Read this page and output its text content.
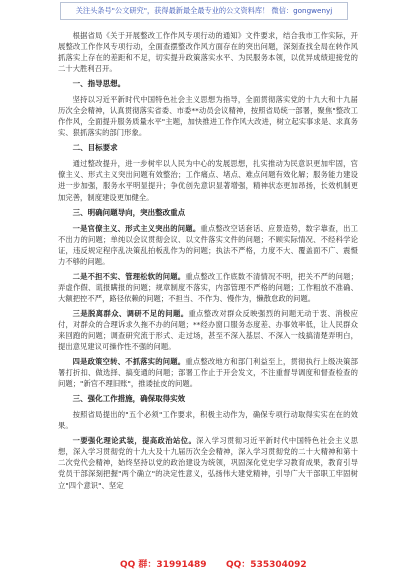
关注头条号"公文研究"，获得最新最全最专业的公文资料库！ 微信：gongwenyj

根据省局《关于开展整改工作作风专项行动的通知》文件要求，结合我市工作实际，开展整改工作作风专项行动，全面查摆整改作风方面存在的突出问题，深刻查找全局在转作风抓落实上存在的差距和不足，切实提升政策落实水平、为民服务本领，以优异成绩迎接党的二十大胜利召开。

一、指导思想。

坚持以习近平新时代中国特色社会主义思想为指导，全面贯彻落实党的十九大和十九届历次全会精神，认真贯彻落实省委、市委**动员会议精神，按照省局统一部署，聚焦"整改工作作风，全面提升服务质量水平"主题，加快推进工作作风大改进，树立起实事求是、求真务实、狠抓落实的部门形象。

二、目标要求

通过整改提升，进一步树牢以人民为中心的发展思想，扎实推动为民意识更加牢固，官僚主义、形式主义突出问题有效整治；工作痛点、堵点、难点问题有效化解；服务能力建设进一步加强，服务水平明显提升；争优创先意识显著增强，精神状态更加昂扬，长效机制更加完善，制度建设更加健全。

三、明确问题导向，突出整改重点

一是官僚主义、形式主义突出的问题。重点整改空话套话、应景造势，数字靠查，出工不出力的问题；单纯以会议贯彻会议、以文件落实文件的问题；不顾实际情况、不经科学论证，违反规定程序乱决策乱拍板乱作为的问题；执法不严格，力度不大、覆盖面不广、震慑力不够的问题。

二是不担不实、管理松软的问题。重点整改工作底数不清情况不明，把关不严的问题；弄虚作假、谎报瞒报的问题；规章制度不落实，内部管理不严格的问题；工作粗放不准确、大额把控不严，路径依赖的问题；不担当、不作为、慢作为，懒散怠政的问题。

三是脱离群众、调研不足的问题。重点整改对群众反映强烈的问题无动于衷、消极应付，对群众的合理诉求久拖不办的问题；**经办窗口服务态度差、办事效率低，让人民群众来回跑的问题；调查研究流于形式、走过场，甚至不深入基层、不深入一线搞清楚弄明白，提出意见建议可操作性不强的问题。

四是政策空转、不抓落实的问题。重点整改地方和部门利益至上，贯彻执行上级决策部署打折扣、做选择、搞变通的问题；部署工作止于开会发文，不注重督导调度和督查检查的问题；"新官不理旧账"，推诿扯皮的问题。

三、强化工作措施，确保取得实效

按照省局提出的"五个必须"工作要求，积极主动作为，确保专项行动取得实实在在的效果。

一要强化理论武装，提高政治站位。深入学习贯彻习近平新时代中国特色社会主义思想，深入学习贯彻党的十九大及十九届历次全会精神，深入学习贯彻党的二十大精神和第十二次党代会精神，始终坚持以党的政治建设为统领，巩固深化党史学习教育成果，教育引导党员干部深刻把握"两个确立"的决定性意义，弘扬伟大建党精神，引导广大干部职工牢固树立"四个意识"、坚定

QQ 群：31991489 QQ：535304092
